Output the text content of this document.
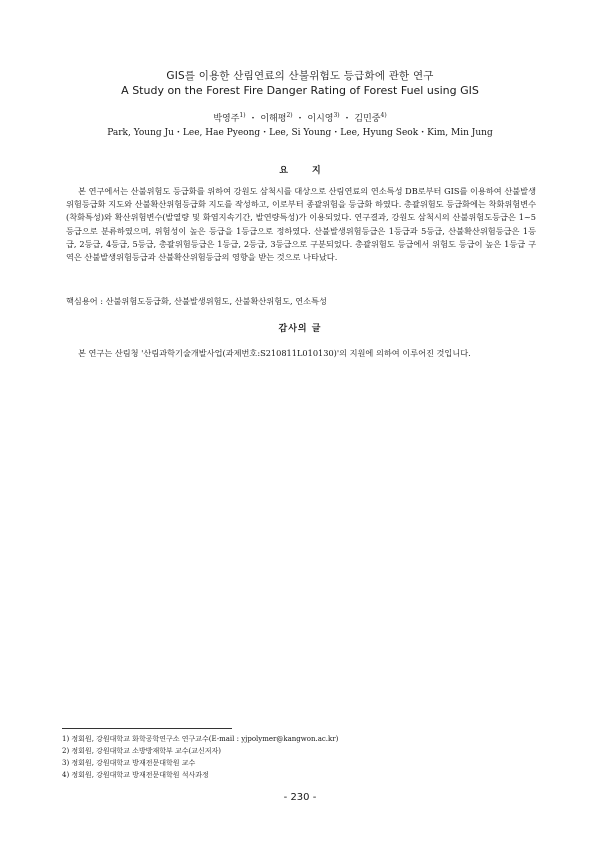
GIS를 이용한 산림연료의 산불위험도 등급화에 관한 연구
A Study on the Forest Fire Danger Rating of Forest Fuel using GIS
박영주$^{1)}$ ・ 이해평$^{2)}$ ・ 이시영$^{3)}$ ・ 김민중$^{4)}$
Park, Young Ju・Lee, Hae Pyeong・Lee, Si Young・Lee, Hyung Seok・Kim, Min Jung
요지

본 연구에서는 산불위험도 등급화를 위하여 강원도 삼척시를 대상으로 산림연료의 연소특성 DB로부터 GIS를 이용하여 산불발생위험등급화 지도와 산불확산위험등급화 지도를 작성하고, 이로부터 종괄위험을 등급화 하였다. 총괄위험도 등급화에는 착화위험변수(착화특성)와 확산위험변수(발열량 및 화염지속기간, 발연량특성)가 이용되었다. 연구결과, 강원도 삼척시의 산불위험도등급은 1~5등급으로 분류하였으며, 위험성이 높은 등급을 1등급으로 정하였다. 산불발생위험등급은 1등급과 5등급, 산불확산위험등급은 1등급, 2등급, 4등급, 5등급, 총괄위험등급은 1등급, 2등급, 3등급으로 구분되었다. 총괄위험도 등급에서 위험도 등급이 높은 1등급 구역은 산불발생위험등급과 산불확산위험등급의 영향을 받는 것으로 나타났다.

핵심용어 : 산불위험도등급화, 산불발생위험도, 산불확산위험도, 연소특성

감사의 글

본 연구는 산림청 '산림과학기술개발사업(과제번호:S210811L010130)'의 지원에 의하여 이루어진 것입니다.

1) 정회원, 강원대학교 화학공학연구소 연구교수(E-mail : yjpolymer@kangwon.ac.kr)
2) 정회원, 강원대학교 소방방재학부 교수(교신저자)
3) 정회원, 강원대학교 방재전문대학원 교수
4) 정회원, 강원대학교 방재전문대학원 석사과정
- 230 -
